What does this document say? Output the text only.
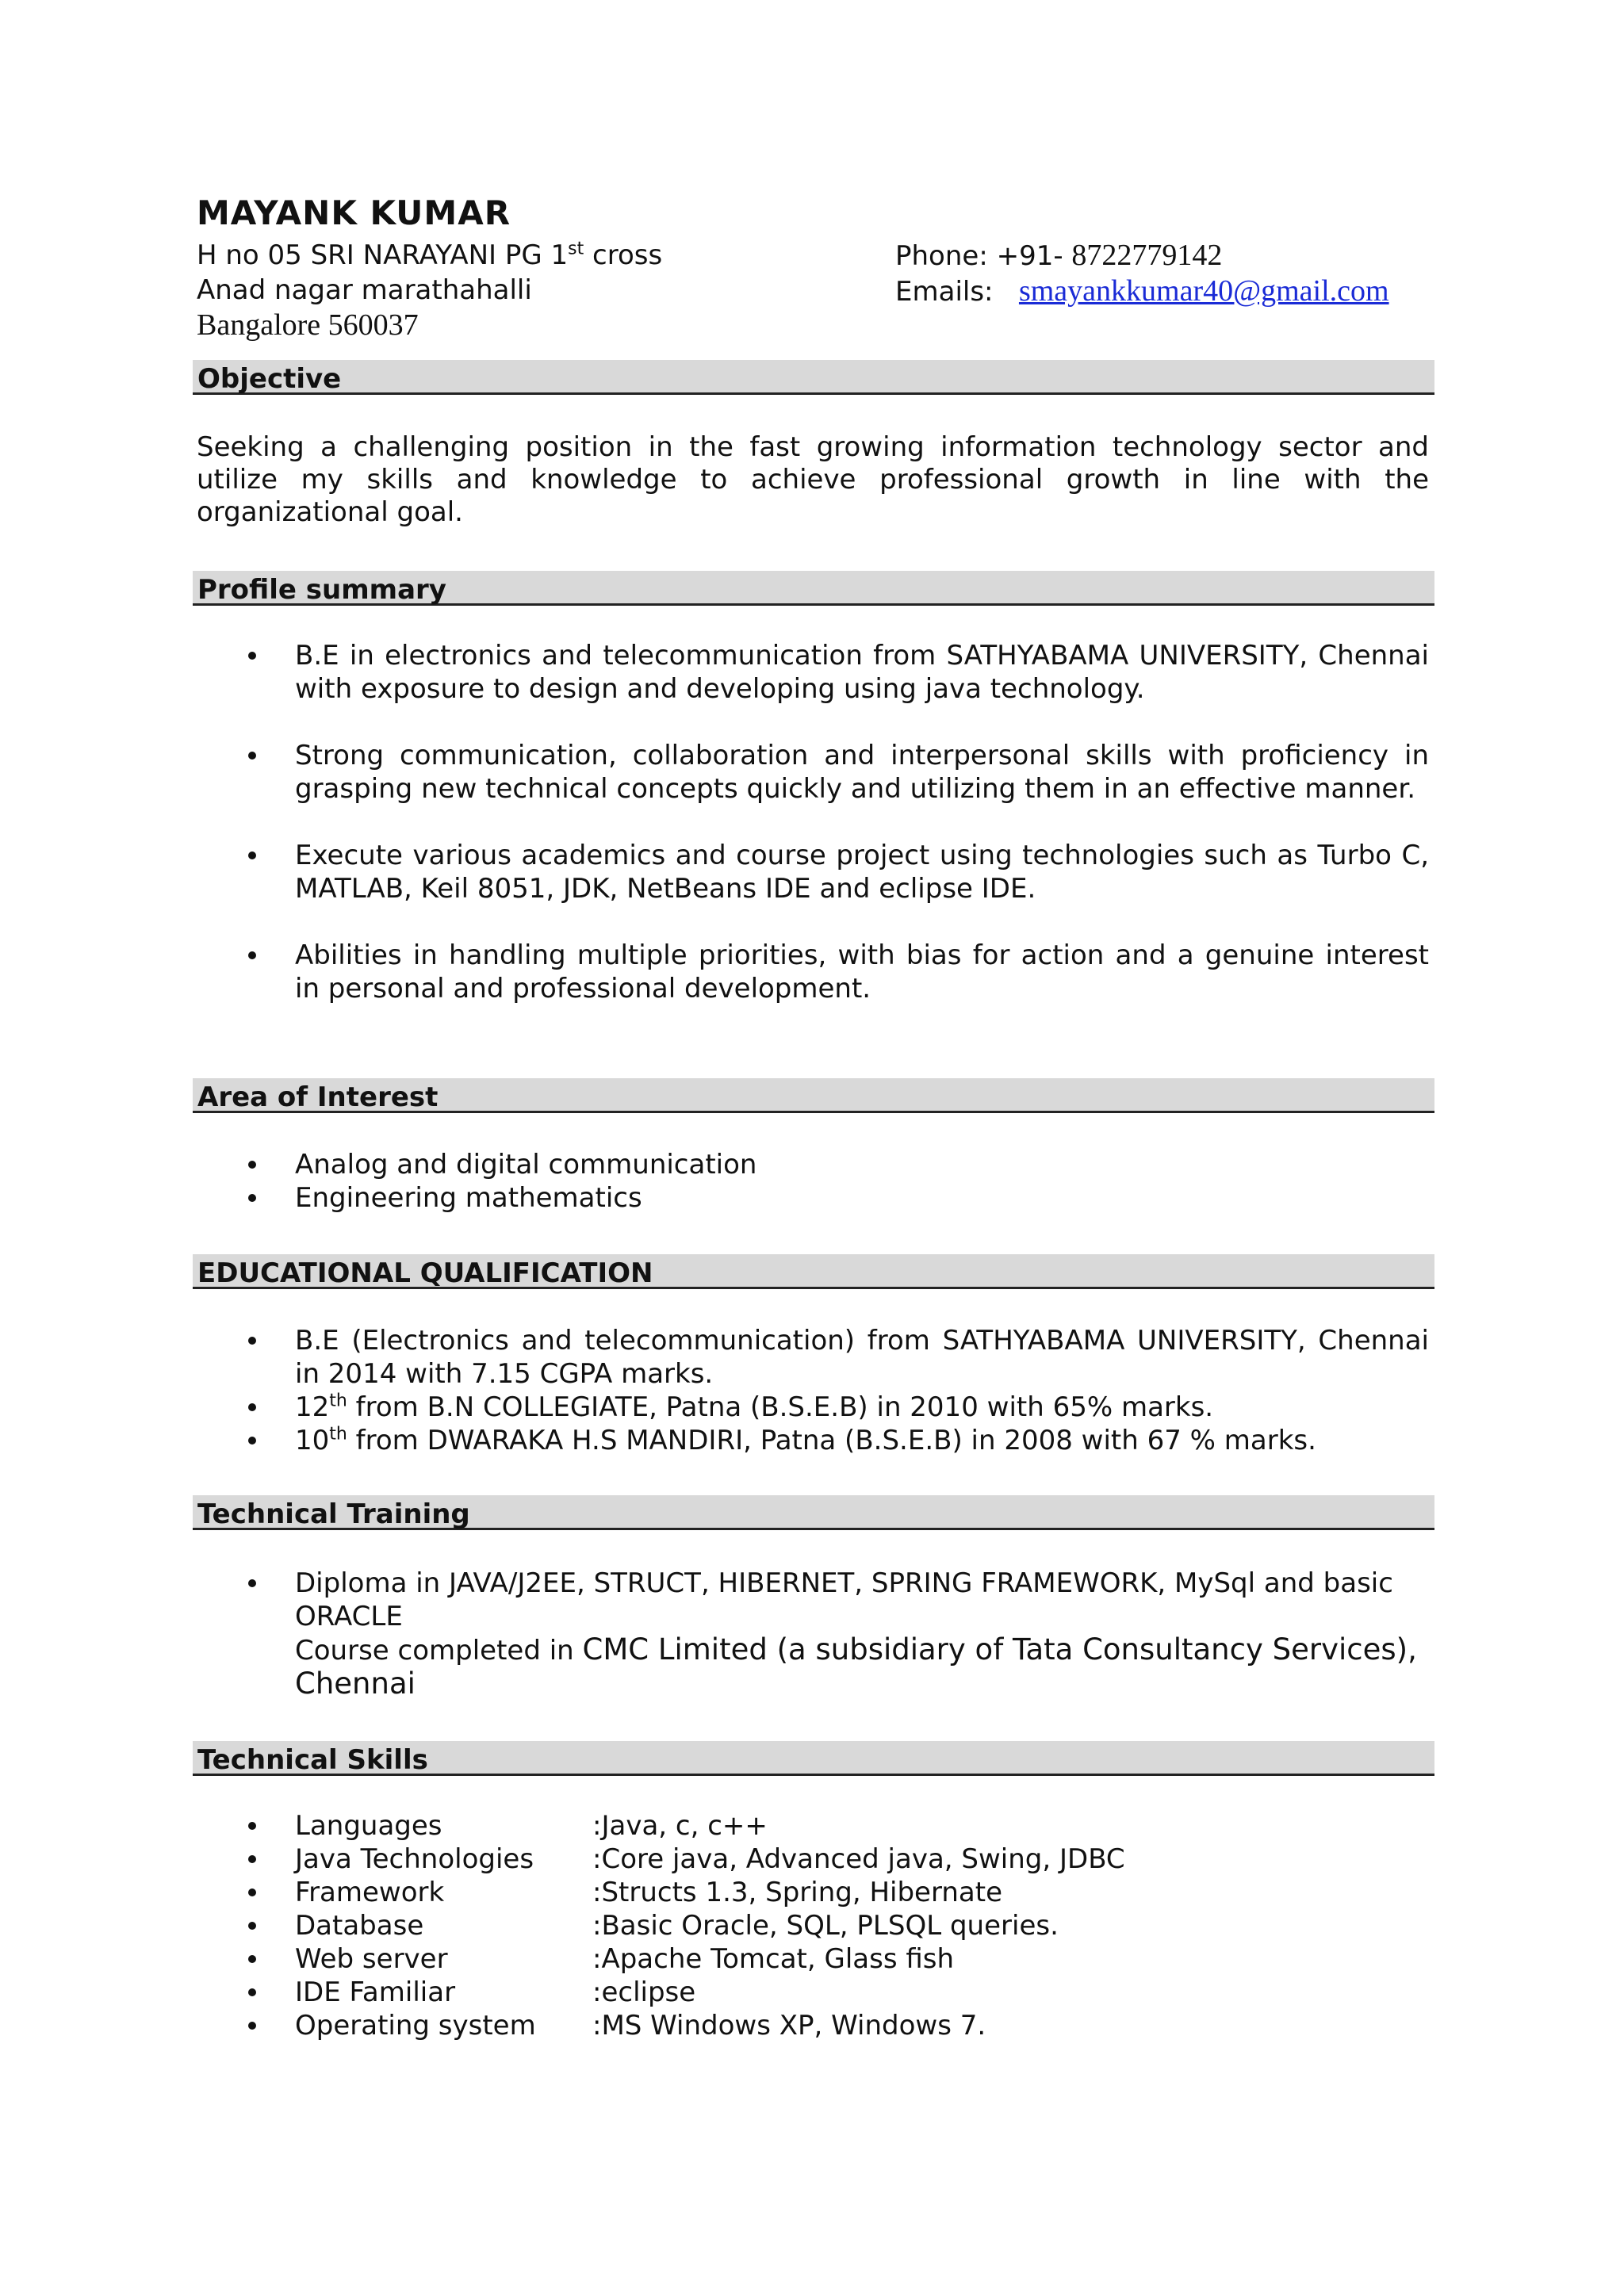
MAYANK KUMAR
H no 05 SRI NARAYANI PG 1st cross
Anad nagar marathahalli
Bangalore 560037
Phone: +91- 8722779142
Emails: smayankkumar40@gmail.com
Objective
Seeking a challenging position in the fast growing information technology sector and utilize my skills and knowledge to achieve professional growth in line with the organizational goal.
Profile summary
B.E in electronics and telecommunication from SATHYABAMA UNIVERSITY, Chennai with exposure to design and developing using java technology.
Strong communication, collaboration and interpersonal skills with proficiency in grasping new technical concepts quickly and utilizing them in an effective manner.
Execute various academics and course project using technologies such as Turbo C, MATLAB, Keil 8051, JDK, NetBeans IDE and eclipse IDE.
Abilities in handling multiple priorities, with bias for action and a genuine interest in personal and professional development.
Area of Interest
Analog and digital communication
Engineering mathematics
EDUCATIONAL QUALIFICATION
B.E (Electronics and telecommunication) from SATHYABAMA UNIVERSITY, Chennai in 2014 with 7.15 CGPA marks.
12th from B.N COLLEGIATE, Patna (B.S.E.B) in 2010 with 65% marks.
10th from DWARAKA H.S MANDIRI, Patna (B.S.E.B) in 2008 with 67 % marks.
Technical Training
Diploma in JAVA/J2EE, STRUCT, HIBERNET, SPRING FRAMEWORK, MySql and basic ORACLE
Course completed in CMC Limited (a subsidiary of Tata Consultancy Services), Chennai
Technical Skills
Languages	:Java, c, c++
Java Technologies :Core java, Advanced java, Swing, JDBC
Framework	:Structs 1.3, Spring, Hibernate
Database	:Basic Oracle, SQL, PLSQL queries.
Web server	:Apache Tomcat, Glass fish
IDE Familiar	:eclipse
Operating system :MS Windows XP, Windows 7.
